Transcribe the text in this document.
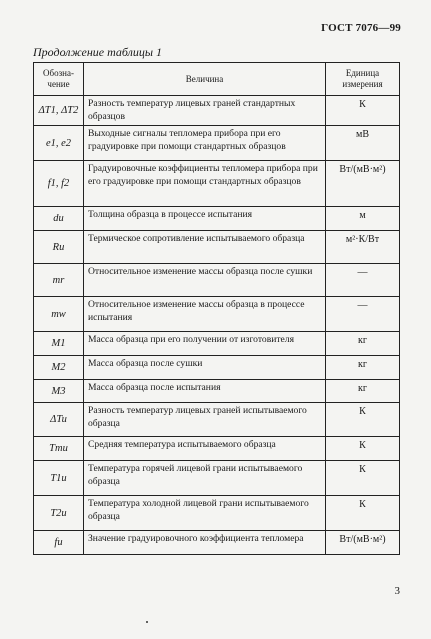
ГОСТ 7076—99
Продолжение таблицы 1
Обозна-
чение	Величина	Единица
измерения
ΔT1, ΔT2	Разность температур лицевых граней стандартных образцов	К
e1, e2	Выходные сигналы тепломера прибора при его градуировке при помощи стандартных образцов	мВ
f1, f2	Градуировочные коэффициенты тепломера прибора при его градуировке при помощи стандартных образцов	Вт/(мВ·м²)
du	Толщина образца в процессе испытания	м
Ru	Термическое сопротивление испытываемого образца	м²·К/Вт
mr	Относительное изменение массы образца после сушки	—
mw	Относительное изменение массы образца в процессе испытания	—
M1	Масса образца при его получении от изготовителя	кг
M2	Масса образца после сушки	кг
M3	Масса образца после испытания	кг
ΔTu	Разность температур лицевых граней испытываемого образца	К
Tmu	Средняя температура испытываемого образца	К
T1u	Температура горячей лицевой грани испытываемого образца	К
T2u	Температура холодной лицевой грани испытываемого образца	К
fu	Значение градуировочного коэффициента тепломера	Вт/(мВ·м²)
3
